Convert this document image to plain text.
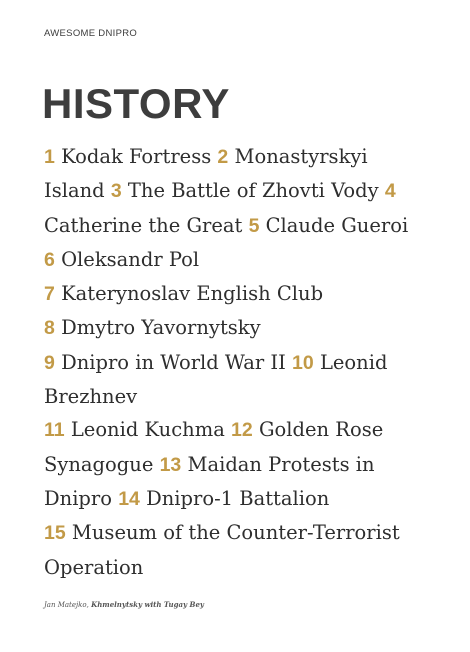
AWESOME DNIPRO
HISTORY

1 Kodak Fortress 2 Monastyrskyi Island 3 The Battle of Zhovti Vody 4 Catherine the Great 5 Claude Gueroi 6 Oleksandr Pol
7 Katerynoslav English Club
8 Dmytro Yavornytsky
9 Dnipro in World War II 10 Leonid Brezhnev
11 Leonid Kuchma 12 Golden Rose Synagogue 13 Maidan Protests in Dnipro 14 Dnipro-1 Battalion
15 Museum of the Counter-Terrorist Operation

Jan Matejko, Khmelnytsky with Tugay Bey
